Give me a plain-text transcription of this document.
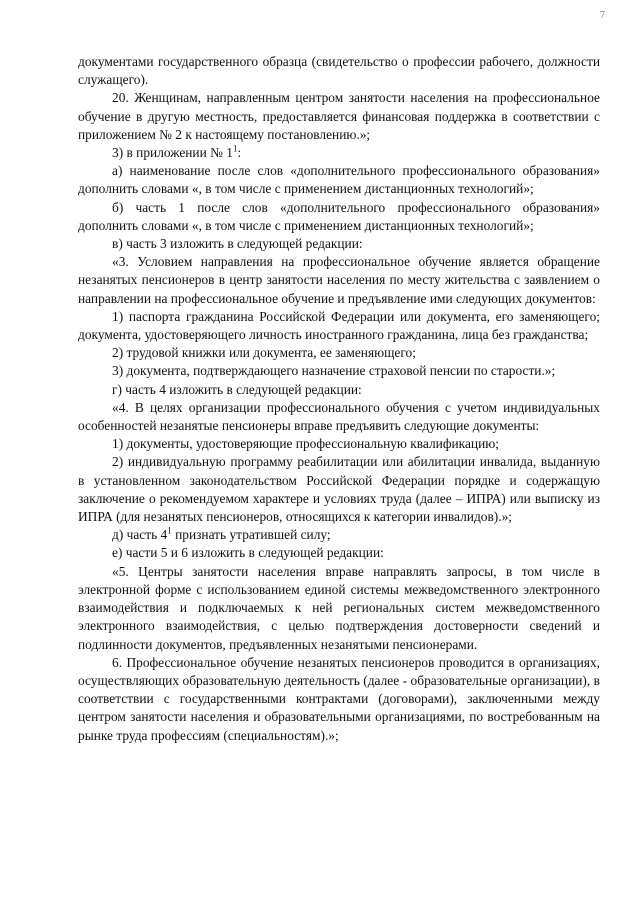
7

документами государственного образца (свидетельство о профессии рабочего, должности служащего).

20. Женщинам, направленным центром занятости населения на профессиональное обучение в другую местность, предоставляется финансовая поддержка в соответствии с приложением № 2 к настоящему постановлению.»;

3) в приложении № $1^1$:

а) наименование после слов «дополнительного профессионального образования» дополнить словами «, в том числе с применением дистанционных технологий»;

б) часть 1 после слов «дополнительного профессионального образования» дополнить словами «, в том числе с применением дистанционных технологий»;

в) часть 3 изложить в следующей редакции:

«3. Условием направления на профессиональное обучение является обращение незанятых пенсионеров в центр занятости населения по месту жительства с заявлением о направлении на профессиональное обучение и предъявление ими следующих документов:

1) паспорта гражданина Российской Федерации или документа, его заменяющего; документа, удостоверяющего личность иностранного гражданина, лица без гражданства;

2) трудовой книжки или документа, ее заменяющего;

3) документа, подтверждающего назначение страховой пенсии по старости.»;

г) часть 4 изложить в следующей редакции:

«4. В целях организации профессионального обучения с учетом индивидуальных особенностей незанятые пенсионеры вправе предъявить следующие документы:

1) документы, удостоверяющие профессиональную квалификацию;

2) индивидуальную программу реабилитации или абилитации инвалида, выданную в установленном законодательством Российской Федерации порядке и содержащую заключение о рекомендуемом характере и условиях труда (далее – ИПРА) или выписку из ИПРА (для незанятых пенсионеров, относящихся к категории инвалидов).»;

д) часть $4^1$ признать утратившей силу;

е) части 5 и 6 изложить в следующей редакции:

«5. Центры занятости населения вправе направлять запросы, в том числе в электронной форме с использованием единой системы межведомственного электронного взаимодействия и подключаемых к ней региональных систем межведомственного электронного взаимодействия, с целью подтверждения достоверности сведений и подлинности документов, предъявленных незанятыми пенсионерами.

6. Профессиональное обучение незанятых пенсионеров проводится в организациях, осуществляющих образовательную деятельность (далее - образовательные организации), в соответствии с государственными контрактами (договорами), заключенными между центром занятости населения и образовательными организациями, по востребованным на рынке труда профессиям (специальностям).»;
